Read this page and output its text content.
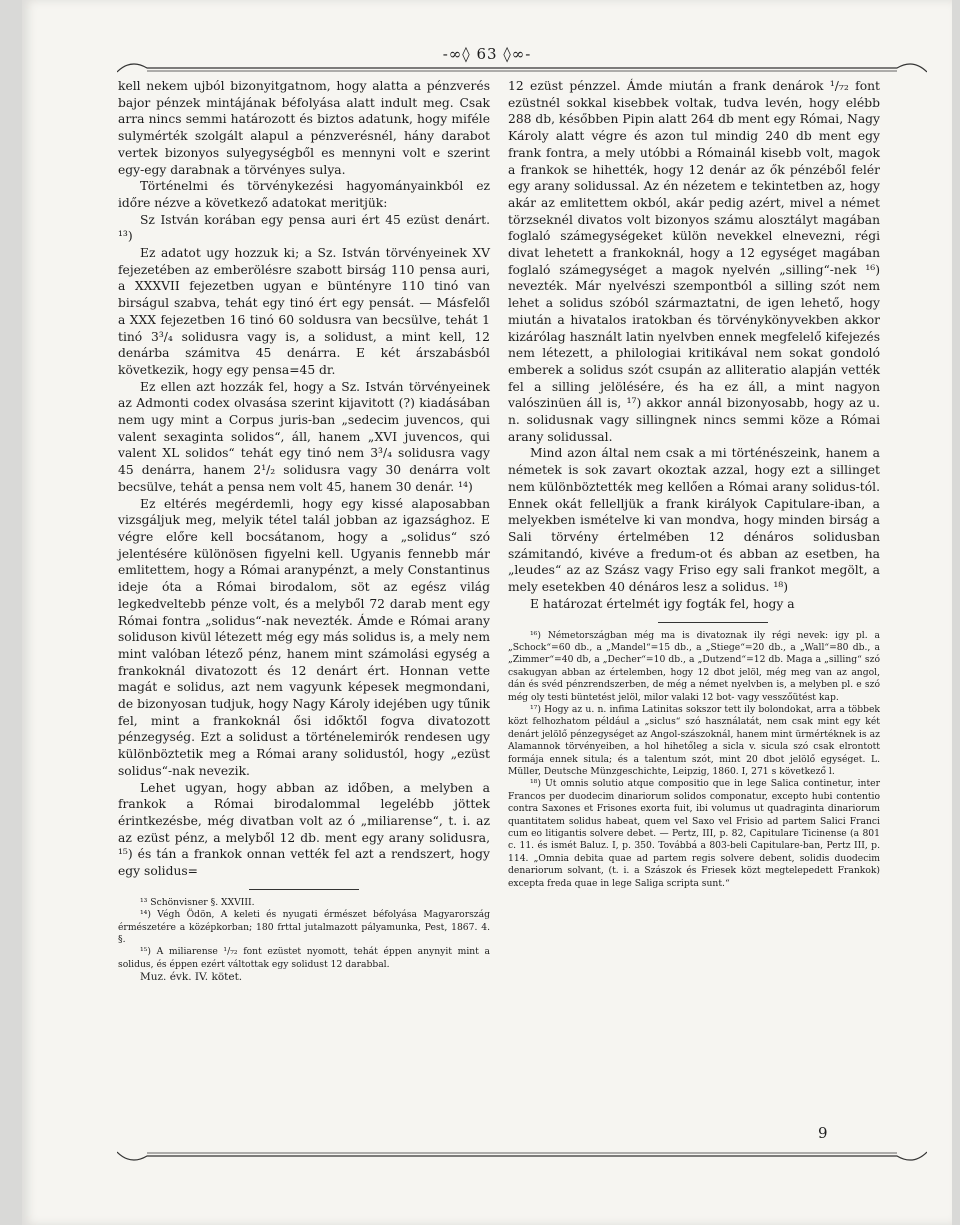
-∞◊ 63 ◊∞-

kell nekem ujból bizonyitgatnom, hogy alatta a pénzverés bajor pénzek mintájának béfolyása alatt indult meg. Csak arra nincs semmi határozott és biztos adatunk, hogy miféle sulymérték szolgált alapul a pénzverésnél, hány darabot vertek bizonyos sulyegységből es mennyni volt e szerint egy-egy darabnak a törvényes sulya.

Történelmi és törvénykezési hagyományainkból ez időre nézve a következő adatokat meritjük:

Sz István korában egy pensa auri ért 45 ezüst denárt. ¹³)

Ez adatot ugy hozzuk ki; a Sz. István törvényeinek XV fejezetében az emberölésre szabott birság 110 pensa auri, a XXXVII fejezetben ugyan e büntényre 110 tinó van birságul szabva, tehát egy tinó ért egy pensát. — Másfelől a XXX fejezetben 16 tinó 60 soldusra van becsülve, tehát 1 tinó 3³/₄ solidusra vagy is, a solidust, a mint kell, 12 denárba számitva 45 denárra. E két árszabásból következik, hogy egy pensa=45 dr.

Ez ellen azt hozzák fel, hogy a Sz. István törvényeinek az Admonti codex olvasása szerint kijavitott (?) kiadásában nem ugy mint a Corpus juris-ban „sedecim juvencos, qui valent sexaginta solidos“, áll, hanem „XVI juvencos, qui valent XL solidos“ tehát egy tinó nem 3³/₄ solidusra vagy 45 denárra, hanem 2¹/₂ solidusra vagy 30 denárra volt becsülve, tehát a pensa nem volt 45, hanem 30 denár. ¹⁴)

Ez eltérés megérdemli, hogy egy kissé alaposabban vizsgáljuk meg, melyik tétel talál jobban az igazsághoz. E végre előre kell bocsátanom, hogy a „solidus“ szó jelentésére különösen figyelni kell. Ugyanis fennebb már emlitettem, hogy a Római aranypénzt, a mely Constantinus ideje óta a Római birodalom, söt az egész világ legkedveltebb pénze volt, és a melyből 72 darab ment egy Római fontra „solidus“-nak nevezték. Ámde e Római arany soliduson kivül létezett még egy más solidus is, a mely nem mint valóban létező pénz, hanem mint számolási egység a frankoknál divatozott és 12 denárt ért. Honnan vette magát e solidus, azt nem vagyunk képesek megmondani, de bizonyosan tudjuk, hogy Nagy Károly idejében ugy tűnik fel, mint a frankoknál ősi időktől fogva divatozott pénzegység. Ezt a solidust a történelemirók rendesen ugy különböztetik meg a Római arany solidustól, hogy „ezüst solidus“-nak nevezik.

Lehet ugyan, hogy abban az időben, a melyben a frankok a Római birodalommal legelébb jöttek érintkezésbe, még divatban volt az ó „miliarense“, t. i. az az ezüst pénz, a melyből 12 db. ment egy arany solidusra, ¹⁵) és tán a frankok onnan vették fel azt a rendszert, hogy egy solidus=

¹³ Schönvisner §. XXVIII.

¹⁴) Végh Ödön, A keleti és nyugati érmészet béfolyása Magyarország érmészetére a középkorban; 180 frttal jutalmazott pályamunka, Pest, 1867. 4. §.

¹⁵) A miliarense ¹/₇₂ font ezüstet nyomott, tehát éppen anynyit mint a solidus, és éppen ezért váltottak egy solidust 12 darabbal.

Muz. évk. IV. kötet.

12 ezüst pénzzel. Ámde miután a frank denárok ¹/₇₂ font ezüstnél sokkal kisebbek voltak, tudva levén, hogy elébb 288 db, későbben Pipin alatt 264 db ment egy Római, Nagy Károly alatt végre és azon tul mindig 240 db ment egy frank fontra, a mely utóbbi a Rómainál kisebb volt, magok a frankok se hihették, hogy 12 denár az ők pénzéből felér egy arany solidussal. Az én nézetem e tekintetben az, hogy akár az emlitettem okból, akár pedig azért, mivel a német törzseknél divatos volt bizonyos számu alosztályt magában foglaló számegységeket külön nevekkel elnevezni, régi divat lehetett a frankoknál, hogy a 12 egységet magában foglaló számegységet a magok nyelvén „silling“-nek ¹⁶) nevezték. Már nyelvészi szempontból a silling szót nem lehet a solidus szóból származtatni, de igen lehető, hogy miután a hivatalos iratokban és törvénykönyvekben akkor kizárólag használt latin nyelvben ennek megfelelő kifejezés nem létezett, a philologiai kritikával nem sokat gondoló emberek a solidus szót csupán az alliteratio alapján vették fel a silling jelölésére, és ha ez áll, a mint nagyon valószinüen áll is, ¹⁷) akkor annál bizonyosabb, hogy az u. n. solidusnak vagy sillingnek nincs semmi köze a Római arany solidussal.

Mind azon által nem csak a mi történészeink, hanem a németek is sok zavart okoztak azzal, hogy ezt a sillinget nem különböztették meg kellően a Római arany solidus-tól. Ennek okát fellelljük a frank királyok Capitulare-iban, a melyekben ismételve ki van mondva, hogy minden birság a Sali törvény értelmében 12 dénáros solidusban számitandó, kivéve a fredum-ot és abban az esetben, ha „leudes“ az az Szász vagy Friso egy sali frankot megölt, a mely esetekben 40 dénáros lesz a solidus. ¹⁸)

E határozat értelmét igy fogták fel, hogy a

¹⁶) Németországban még ma is divatoznak ily régi nevek: igy pl. a „Schock“=60 db., a „Mandel“=15 db., a „Stiege“=20 db., a „Wall“=80 db., a „Zimmer“=40 db, a „Decher“=10 db., a „Dutzend“=12 db. Maga a „silling“ szó csakugyan abban az értelemben, hogy 12 dbot jelöl, még meg van az angol, dán és svéd pénzrendszerben, de még a német nyelvben is, a melyben pl. e szó még oly testi büntetést jelöl, milor valaki 12 bot- vagy vesszőütést kap.

¹⁷) Hogy az u. n. infima Latinitas sokszor tett ily bolondokat, arra a többek közt felhozhatom például a „siclus“ szó használatát, nem csak mint egy két denárt jelölő pénzegységet az Angol-szászoknál, hanem mint ürmértéknek is az Alamannok törvényeiben, a hol hihetőleg a sicla v. sicula szó csak elrontott formája ennek situla; és a talentum szót, mint 20 dbot jelölő egységet. L. Müller, Deutsche Münzgeschichte, Leipzig, 1860. I, 271 s következő l.

¹⁸) Ut omnis solutio atque compositio que in lege Salica continetur, inter Francos per duodecim dinariorum solidos componatur, excepto hubi contentio contra Saxones et Frisones exorta fuit, ibi volumus ut quadraginta dinariorum quantitatem solidus habeat, quem vel Saxo vel Frisio ad partem Salici Franci cum eo litigantis solvere debet. — Pertz, III, p. 82, Capitulare Ticinense (a 801 c. 11. és ismét Baluz. I, p. 350. Továbbá a 803-beli Capitulare-ban, Pertz III, p. 114. „Omnia debita quae ad partem regis solvere debent, solidis duodecim denariorum solvant, (t. i. a Szászok és Friesek közt megtelepedett Frankok) excepta freda quae in lege Saliga scripta sunt.“

9
